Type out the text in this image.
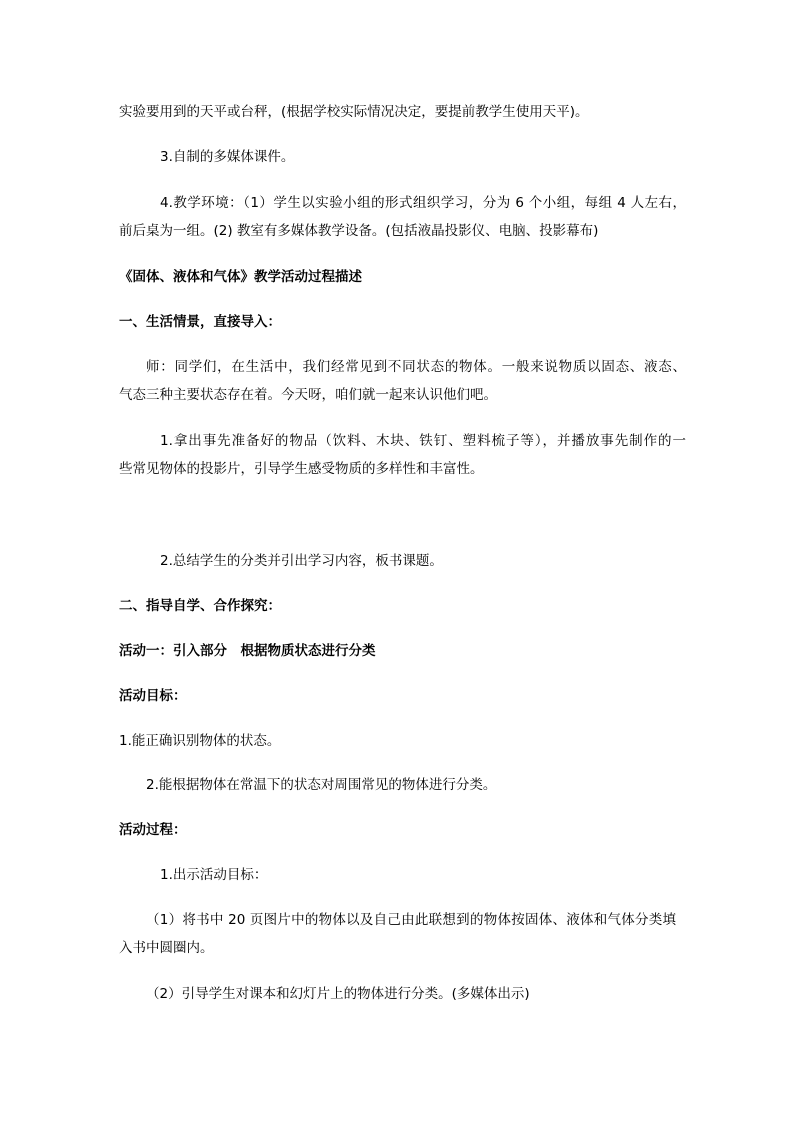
实验要用到的天平或台秤，(根据学校实际情况决定，要提前教学生使用天平)。

3.自制的多媒体课件。

4.教学环境：（1）学生以实验小组的形式组织学习，分为 6 个小组，每组 4 人左右，

前后桌为一组。(2) 教室有多媒体教学设备。(包括液晶投影仪、电脑、投影幕布)

《固体、液体和气体》教学活动过程描述

一、生活情景，直接导入：

师：同学们，在生活中，我们经常见到不同状态的物体。一般来说物质以固态、液态、

气态三种主要状态存在着。今天呀，咱们就一起来认识他们吧。

1.拿出事先准备好的物品（饮料、木块、铁钉、塑料梳子等），并播放事先制作的一

些常见物体的投影片，引导学生感受物质的多样性和丰富性。

2.总结学生的分类并引出学习内容，板书课题。

二、指导自学、合作探究：

活动一：引入部分　根据物质状态进行分类

活动目标：

1.能正确识别物体的状态。

2.能根据物体在常温下的状态对周围常见的物体进行分类。

活动过程：

1.出示活动目标：

（1）将书中 20 页图片中的物体以及自己由此联想到的物体按固体、液体和气体分类填

入书中圆圈内。

（2）引导学生对课本和幻灯片上的物体进行分类。(多媒体出示)
